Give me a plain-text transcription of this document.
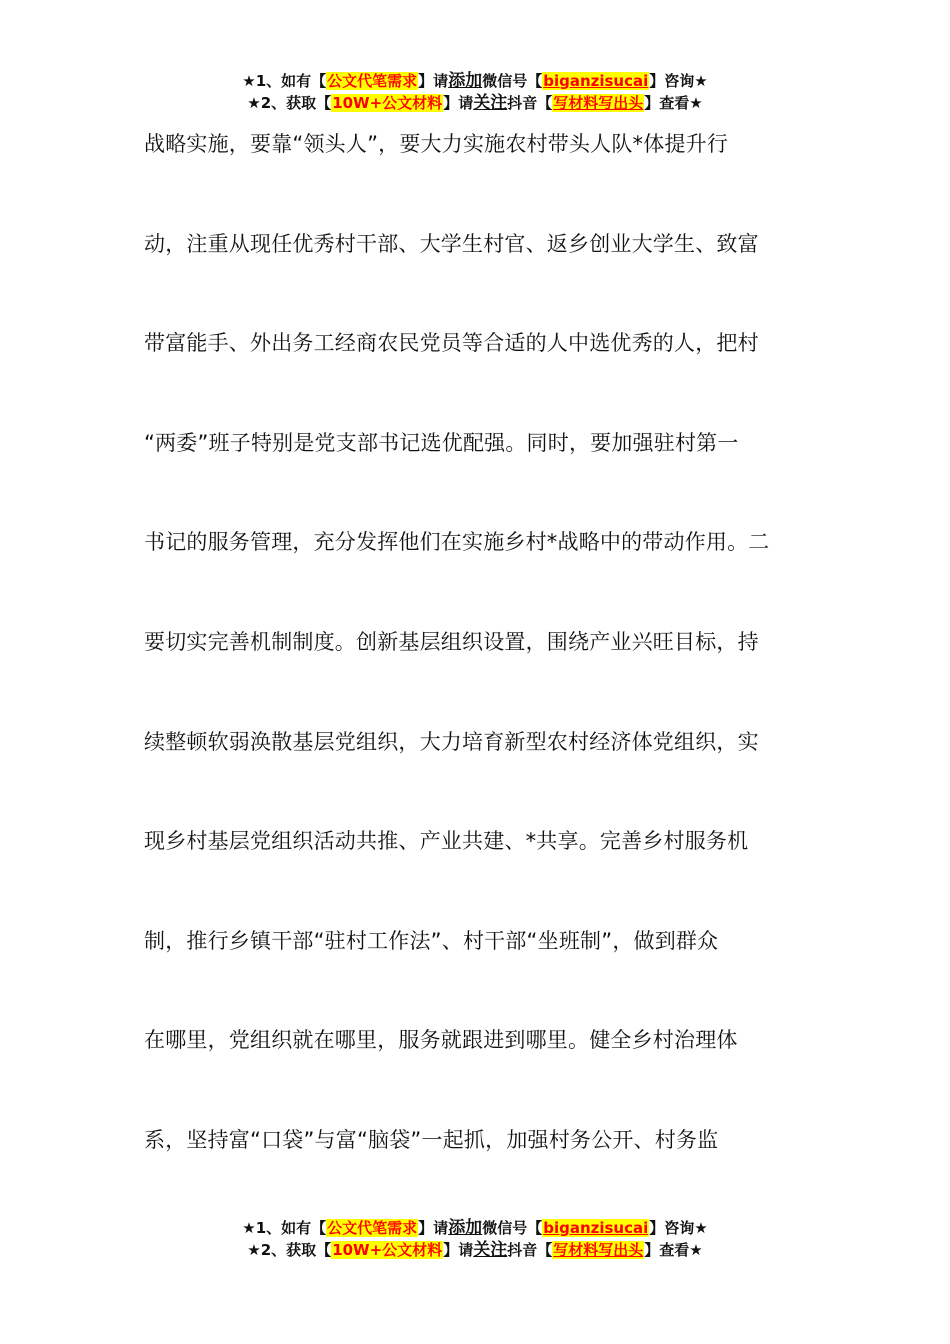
★1、如有【公文代笔需求】请添加微信号【biganzisucai】咨询★
★2、获取【10W+公文材料】请关注抖音【写材料写出头】查看★
战略实施，要靠“领头人”，要大力实施农村带头人队*体提升行
动，注重从现任优秀村干部、大学生村官、返乡创业大学生、致富
带富能手、外出务工经商农民党员等合适的人中选优秀的人，把村
“两委”班子特别是党支部书记选优配强。同时，要加强驻村第一
书记的服务管理，充分发挥他们在实施乡村*战略中的带动作用。二
要切实完善机制制度。创新基层组织设置，围绕产业兴旺目标，持
续整顿软弱涣散基层党组织，大力培育新型农村经济体党组织，实
现乡村基层党组织活动共推、产业共建、*共享。完善乡村服务机
制，推行乡镇干部“驻村工作法”、村干部“坐班制”，做到群众
在哪里，党组织就在哪里，服务就跟进到哪里。健全乡村治理体
系，坚持富“口袋”与富“脑袋”一起抓，加强村务公开、村务监
★1、如有【公文代笔需求】请添加微信号【biganzisucai】咨询★
★2、获取【10W+公文材料】请关注抖音【写材料写出头】查看★
